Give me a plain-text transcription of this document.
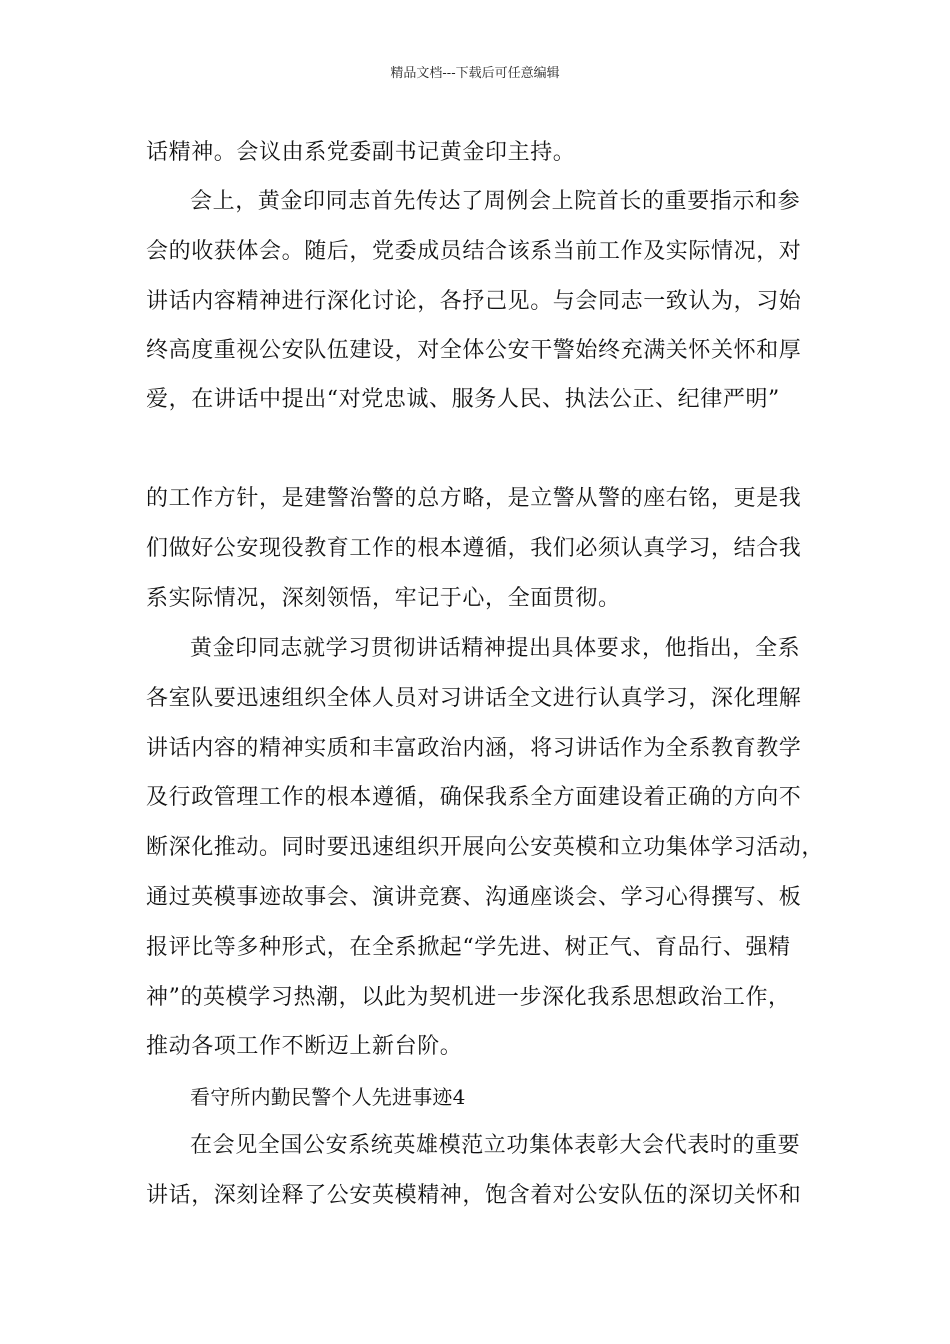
精品文档---下载后可任意编辑
话精神。会议由系党委副书记黄金印主持。
会上，黄金印同志首先传达了周例会上院首长的重要指示和参
会的收获体会。随后，党委成员结合该系当前工作及实际情况，对
讲话内容精神进行深化讨论，各抒己见。与会同志一致认为，习始
终高度重视公安队伍建设，对全体公安干警始终充满关怀关怀和厚
爱，在讲话中提出“对党忠诚、服务人民、执法公正、纪律严明”
的工作方针，是建警治警的总方略，是立警从警的座右铭，更是我
们做好公安现役教育工作的根本遵循，我们必须认真学习，结合我
系实际情况，深刻领悟，牢记于心，全面贯彻。
黄金印同志就学习贯彻讲话精神提出具体要求，他指出，全系
各室队要迅速组织全体人员对习讲话全文进行认真学习，深化理解
讲话内容的精神实质和丰富政治内涵，将习讲话作为全系教育教学
及行政管理工作的根本遵循，确保我系全方面建设着正确的方向不
断深化推动。同时要迅速组织开展向公安英模和立功集体学习活动，
通过英模事迹故事会、演讲竞赛、沟通座谈会、学习心得撰写、板
报评比等多种形式，在全系掀起“学先进、树正气、育品行、强精
神”的英模学习热潮，以此为契机进一步深化我系思想政治工作，
推动各项工作不断迈上新台阶。
看守所内勤民警个人先进事迹4
在会见全国公安系统英雄模范立功集体表彰大会代表时的重要
讲话，深刻诠释了公安英模精神，饱含着对公安队伍的深切关怀和
